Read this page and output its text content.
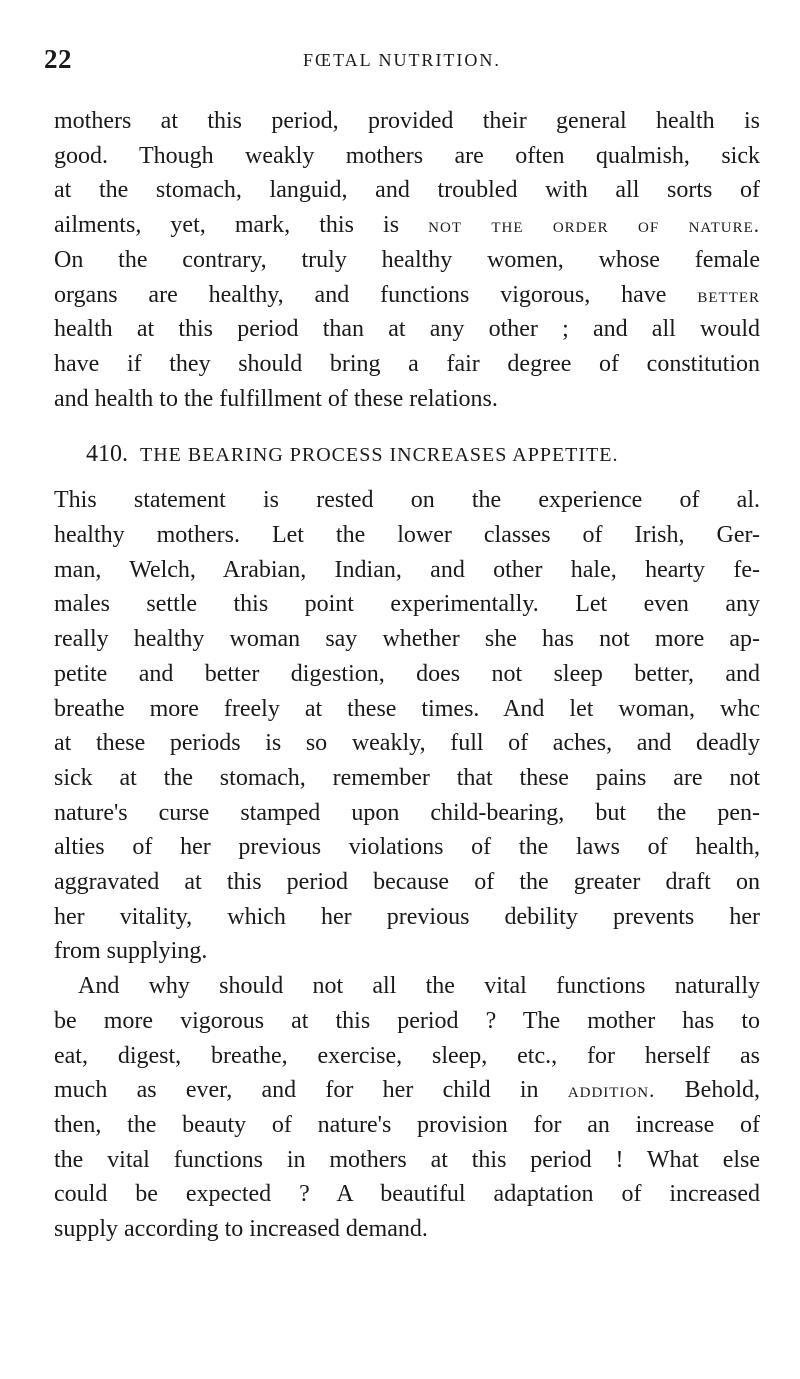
22	FŒTAL NUTRITION.
mothers at this period, provided their general health is
good. Though weakly mothers are often qualmish, sick
at the stomach, languid, and troubled with all sorts of
ailments, yet, mark, this is not the order of nature.
On the contrary, truly healthy women, whose female
organs are healthy, and functions vigorous, have better
health at this period than at any other ; and all would
have if they should bring a fair degree of constitution
and health to the fulfillment of these relations.
410. THE BEARING PROCESS INCREASES APPETITE.
This statement is rested on the experience of al.
healthy mothers. Let the lower classes of Irish, Ger-
man, Welch, Arabian, Indian, and other hale, hearty fe-
males settle this point experimentally. Let even any
really healthy woman say whether she has not more ap-
petite and better digestion, does not sleep better, and
breathe more freely at these times. And let woman, whc
at these periods is so weakly, full of aches, and deadly
sick at the stomach, remember that these pains are not
nature's curse stamped upon child-bearing, but the pen-
alties of her previous violations of the laws of health,
aggravated at this period because of the greater draft on
her vitality, which her previous debility prevents her
from supplying.
And why should not all the vital functions naturally
be more vigorous at this period ? The mother has to
eat, digest, breathe, exercise, sleep, etc., for herself as
much as ever, and for her child in addition. Behold,
then, the beauty of nature's provision for an increase of
the vital functions in mothers at this period ! What else
could be expected ? A beautiful adaptation of increased
supply according to increased demand.
